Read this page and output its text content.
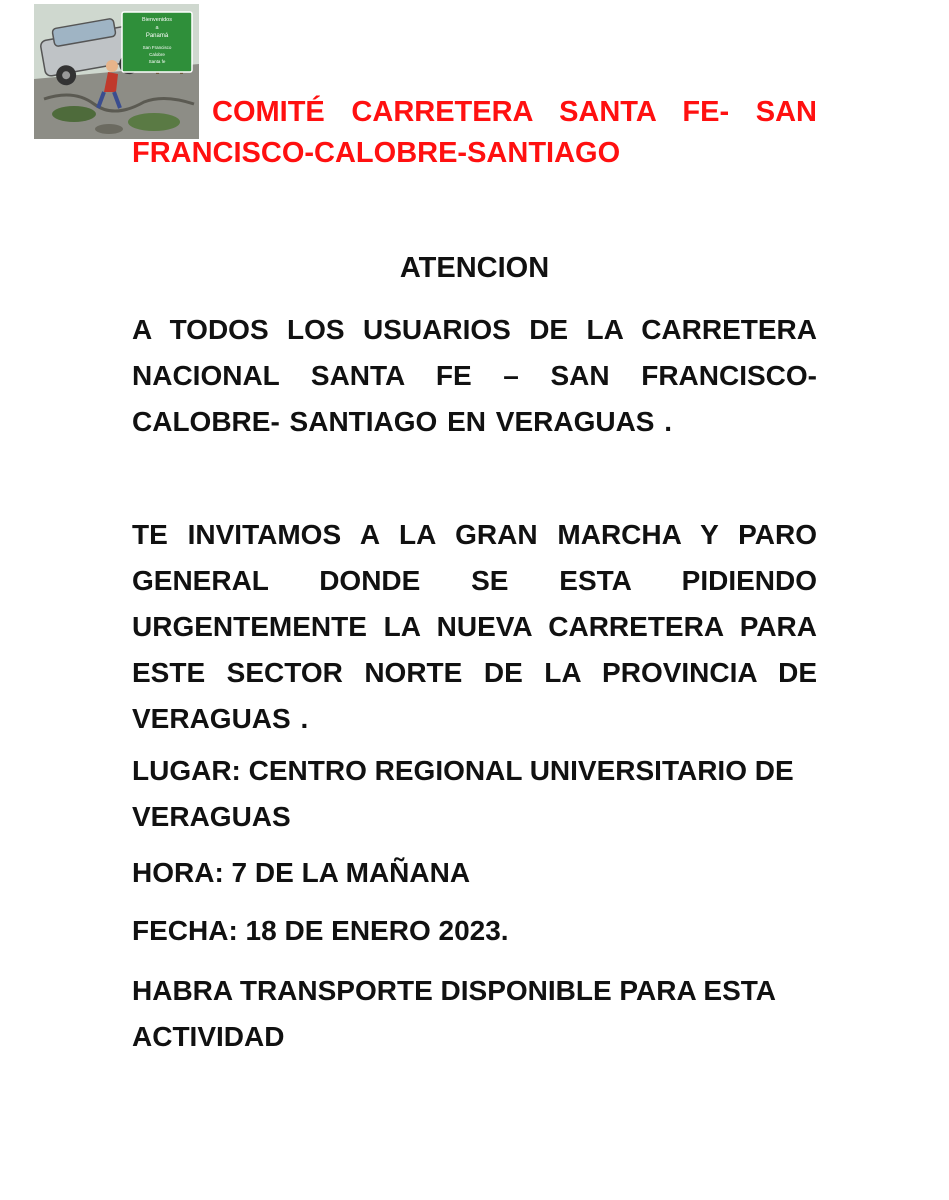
Bienvenidos
a
Panamá
San Francisco
Calobre
Santa fe

COMITÉ CARRETERA SANTA FE- SAN FRANCISCO-CALOBRE-SANTIAGO

ATENCION

A TODOS LOS USUARIOS DE LA CARRETERA NACIONAL SANTA FE – SAN FRANCISCO-CALOBRE- SANTIAGO EN VERAGUAS .

TE INVITAMOS A LA GRAN MARCHA Y PARO GENERAL DONDE SE ESTA PIDIENDO URGENTEMENTE LA NUEVA CARRETERA PARA ESTE SECTOR NORTE DE LA PROVINCIA DE VERAGUAS .

LUGAR: CENTRO REGIONAL UNIVERSITARIO DE VERAGUAS

HORA: 7 DE LA MAÑANA

FECHA: 18 DE ENERO 2023.

HABRA TRANSPORTE DISPONIBLE PARA ESTA ACTIVIDAD
